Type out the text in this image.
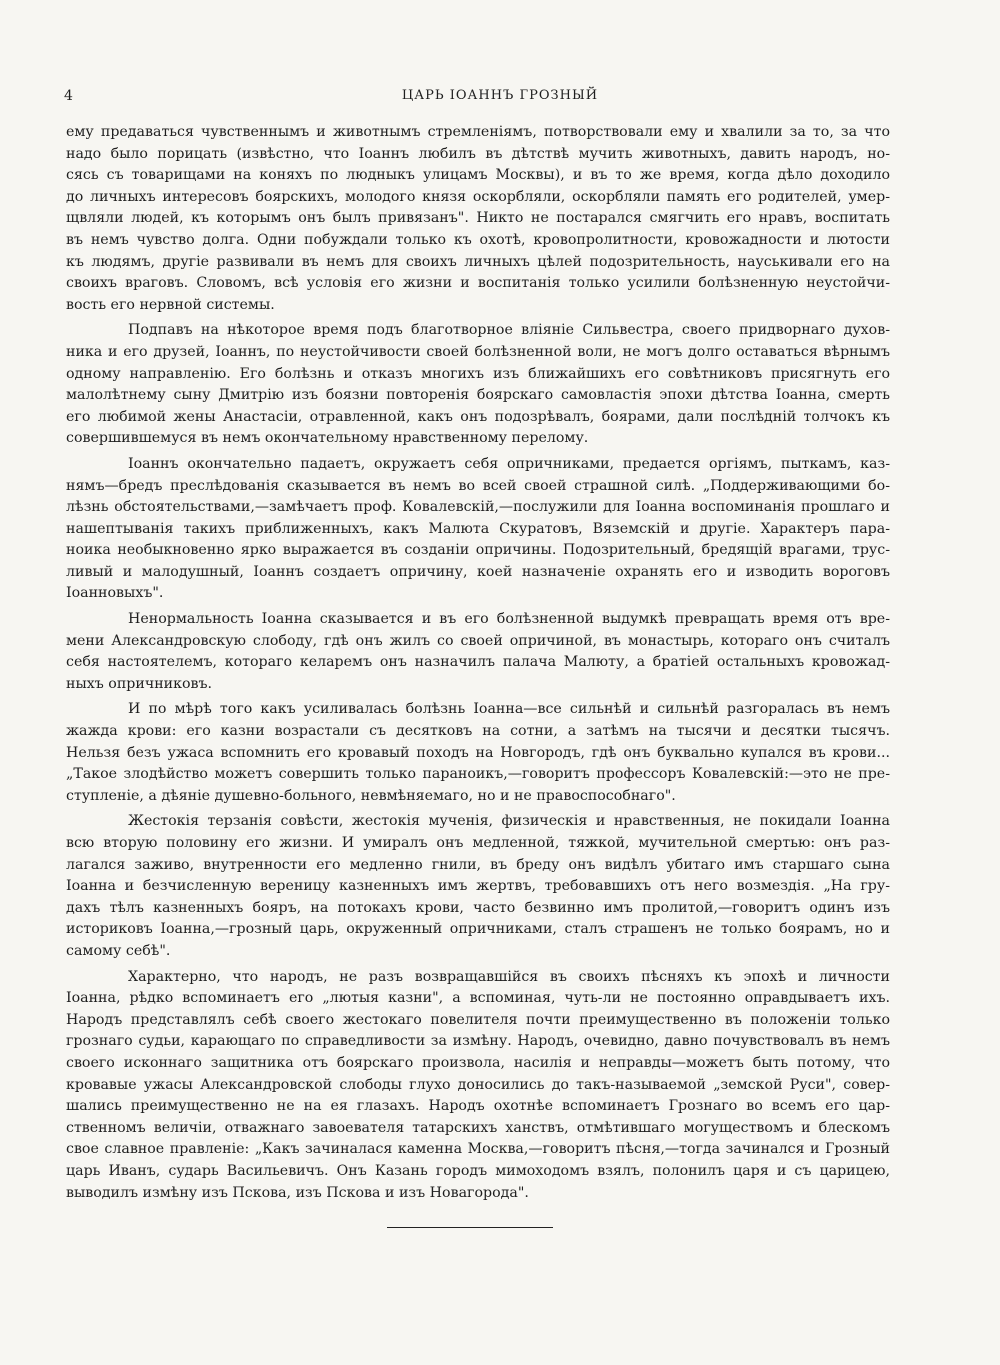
4	ЦАРЬ ІОАННЪ ГРОЗНЫЙ
ему предаваться чувственнымъ и животнымъ стремленіямъ, потворствовали ему и хвалили за то, за что
надо было порицать (извѣстно, что Іоаннъ любилъ въ дѣтствѣ мучить животныхъ, давить народъ, но-
сясь съ товарищами на коняхъ по людныкъ улицамъ Москвы), и въ то же время, когда дѣло доходило
до личныхъ интересовъ боярскихъ, молодого князя оскорбляли, оскорбляли память его родителей, умер-
щвляли людей, къ которымъ онъ былъ привязанъ". Никто не постарался смягчить его нравъ, воспитать
въ немъ чувство долга. Одни побуждали только къ охотѣ, кровопролитности, кровожадности и лютости
къ людямъ, другіе развивали въ немъ для своихъ личныхъ цѣлей подозрительность, науськивали его на
своихъ враговъ. Словомъ, всѣ условія его жизни и воспитанія только усилили болѣзненную неустойчи-
вость его нервной системы.
Подпавъ на нѣкоторое время подъ благотворное вліяніе Сильвестра, своего придворнаго духов-
ника и его друзей, Іоаннъ, по неустойчивости своей болѣзненной воли, не могъ долго оставаться вѣрнымъ
одному направленію. Его болѣзнь и отказъ многихъ изъ ближайшихъ его совѣтниковъ присягнуть его
малолѣтнему сыну Дмитрію изъ боязни повторенія боярскаго самовластія эпохи дѣтства Іоанна, смерть
его любимой жены Анастасіи, отравленной, какъ онъ подозрѣвалъ, боярами, дали послѣдній толчокъ къ
совершившемуся въ немъ окончательному нравственному перелому.
Іоаннъ окончательно падаетъ, окружаетъ себя опричниками, предается оргіямъ, пыткамъ, каз-
нямъ—бредъ преслѣдованія сказывается въ немъ во всей своей страшной силѣ. „Поддерживающими бо-
лѣзнь обстоятельствами,—замѣчаетъ проф. Ковалевскій,—послужили для Іоанна воспоминанія прошлаго и
нашептыванія такихъ приближенныхъ, какъ Малюта Скуратовъ, Вяземскій и другіе. Характеръ пара-
ноика необыкновенно ярко выражается въ созданіи опричины. Подозрительный, бредящій врагами, трус-
ливый и малодушный, Іоаннъ создаетъ опричину, коей назначеніе охранять его и изводить вороговъ
Іоанновыхъ".
Ненормальность Іоанна сказывается и въ его болѣзненной выдумкѣ превращать время отъ вре-
мени Александровскую слободу, гдѣ онъ жилъ со своей опричиной, въ монастырь, котораго онъ считалъ
себя настоятелемъ, котораго келаремъ онъ назначилъ палача Малюту, а братіей остальныхъ кровожад-
ныхъ опричниковъ.
И по мѣрѣ того какъ усиливалась болѣзнь Іоанна—все сильнѣй и сильнѣй разгоралась въ немъ
жажда крови: его казни возрастали съ десятковъ на сотни, а затѣмъ на тысячи и десятки тысячъ.
Нельзя безъ ужаса вспомнить его кровавый походъ на Новгородъ, гдѣ онъ буквально купался въ крови...
„Такое злодѣйство можетъ совершить только параноикъ,—говоритъ профессоръ Ковалевскій:—это не пре-
ступленіе, а дѣяніе душевно-больного, невмѣняемаго, но и не правоспособнаго".
Жестокія терзанія совѣсти, жестокія мученія, физическія и нравственныя, не покидали Іоанна
всю вторую половину его жизни. И умиралъ онъ медленной, тяжкой, мучительной смертью: онъ раз-
лагался заживо, внутренности его медленно гнили, въ бреду онъ видѣлъ убитаго имъ старшаго сына
Іоанна и безчисленную вереницу казненныхъ имъ жертвъ, требовавшихъ отъ него возмездія. „На гру-
дахъ тѣлъ казненныхъ бояръ, на потокахъ крови, часто безвинно имъ пролитой,—говоритъ одинъ изъ
историковъ Іоанна,—грозный царь, окруженный опричниками, сталъ страшенъ не только боярамъ, но и
самому себѣ".
Характерно, что народъ, не разъ возвращавшійся въ своихъ пѣсняхъ къ эпохѣ и личности
Іоанна, рѣдко вспоминаетъ его „лютыя казни", а вспоминая, чуть-ли не постоянно оправдываетъ ихъ.
Народъ представлялъ себѣ своего жестокаго повелителя почти преимущественно въ положеніи только
грознаго судьи, карающаго по справедливости за измѣну. Народъ, очевидно, давно почувствовалъ въ немъ
своего исконнаго защитника отъ боярскаго произвола, насилія и неправды—можетъ быть потому, что
кровавые ужасы Александровской слободы глухо доносились до такъ-называемой „земской Руси", совер-
шались преимущественно не на ея глазахъ. Народъ охотнѣе вспоминаетъ Грознаго во всемъ его цар-
ственномъ величіи, отважнаго завоевателя татарскихъ ханствъ, отмѣтившаго могуществомъ и блескомъ
свое славное правленіе: „Какъ зачиналася каменна Москва,—говоритъ пѣсня,—тогда зачинался и Грозный
царь Иванъ, сударь Васильевичъ. Онъ Казань городъ мимоходомъ взялъ, полонилъ царя и съ царицею,
выводилъ измѣну изъ Пскова, изъ Пскова и изъ Новагорода".
